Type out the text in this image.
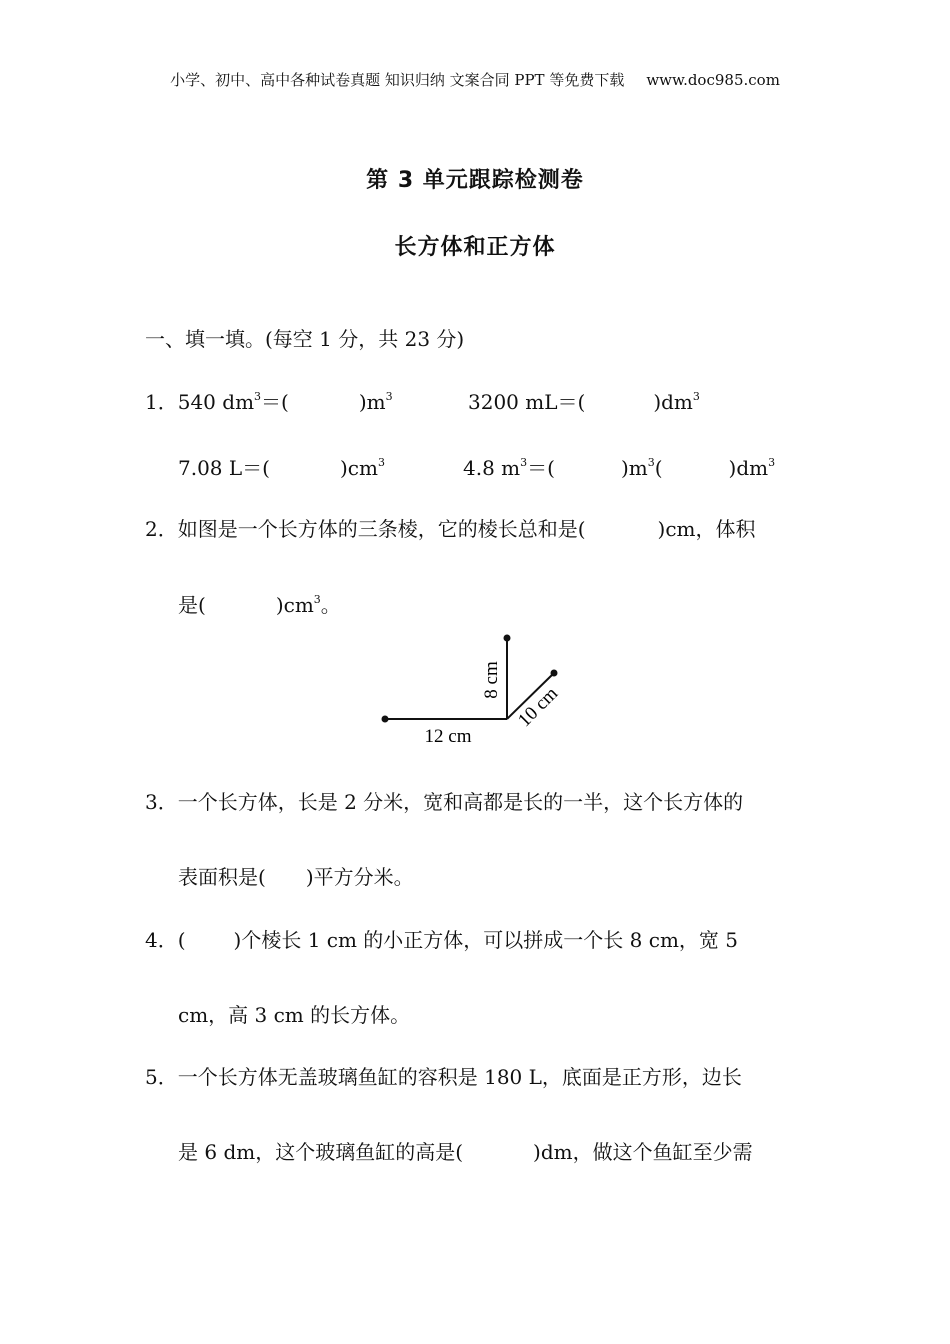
小学、初中、高中各种试卷真题 知识归纳 文案合同 PPT 等免费下载 www.doc985.com
第 3 单元跟踪检测卷
长方体和正方体
一、填一填。(每空 1 分，共 23 分)
1．540 $dm^3=$(	)$m^3$	3200 mL＝(	)$dm^3$
7.08 L＝(	)$cm^3$	4.8 $m^3=$(	)$m^3$(	)$dm^3$
2．如图是一个长方体的三条棱，它的棱长总和是(	)cm，体积
是(	)$cm^3$。
12 cm
8 cm
10 cm
3．一个长方体，长是 2 分米，宽和高都是长的一半，这个长方体的
表面积是( )平方分米。
4．( )个棱长 1 cm 的小正方体，可以拼成一个长 8 cm，宽 5
cm，高 3 cm 的长方体。
5．一个长方体无盖玻璃鱼缸的容积是 180 L，底面是正方形，边长
是 6 dm，这个玻璃鱼缸的高是(	)dm，做这个鱼缸至少需
